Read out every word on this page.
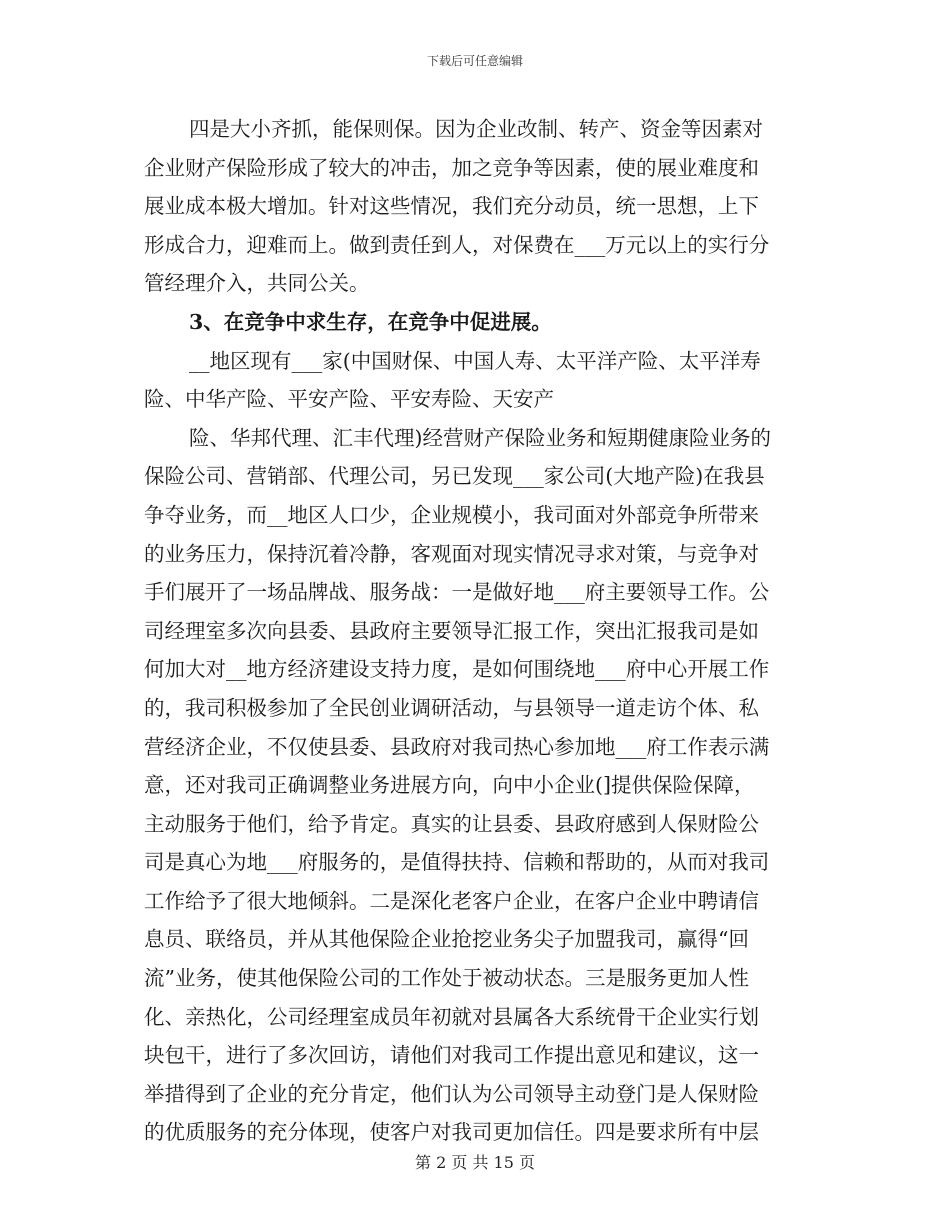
下载后可任意编辑
四是大小齐抓，能保则保。因为企业改制、转产、资金等因素对
企业财产保险形成了较大的冲击，加之竞争等因素，使的展业难度和
展业成本极大增加。针对这些情况，我们充分动员，统一思想，上下
形成合力，迎难而上。做到责任到人，对保费在___万元以上的实行分
管经理介入，共同公关。
3、在竞争中求生存，在竞争中促进展。
__地区现有___家(中国财保、中国人寿、太平洋产险、太平洋寿
险、中华产险、平安产险、平安寿险、天安产
险、华邦代理、汇丰代理)经营财产保险业务和短期健康险业务的
保险公司、营销部、代理公司，另已发现___家公司(大地产险)在我县
争夺业务，而__地区人口少，企业规模小，我司面对外部竞争所带来
的业务压力，保持沉着冷静，客观面对现实情况寻求对策，与竞争对
手们展开了一场品牌战、服务战：一是做好地___府主要领导工作。公
司经理室多次向县委、县政府主要领导汇报工作，突出汇报我司是如
何加大对__地方经济建设支持力度，是如何围绕地___府中心开展工作
的，我司积极参加了全民创业调研活动，与县领导一道走访个体、私
营经济企业，不仅使县委、县政府对我司热心参加地___府工作表示满
意，还对我司正确调整业务进展方向，向中小企业(]提供保险保障，
主动服务于他们，给予肯定。真实的让县委、县政府感到人保财险公
司是真心为地___府服务的，是值得扶持、信赖和帮助的，从而对我司
工作给予了很大地倾斜。二是深化老客户企业，在客户企业中聘请信
息员、联络员，并从其他保险企业抢挖业务尖子加盟我司，赢得“回
流”业务，使其他保险公司的工作处于被动状态。三是服务更加人性
化、亲热化，公司经理室成员年初就对县属各大系统骨干企业实行划
块包干，进行了多次回访，请他们对我司工作提出意见和建议，这一
举措得到了企业的充分肯定，他们认为公司领导主动登门是人保财险
的优质服务的充分体现，使客户对我司更加信任。四是要求所有中层
第 2 页 共 15 页
